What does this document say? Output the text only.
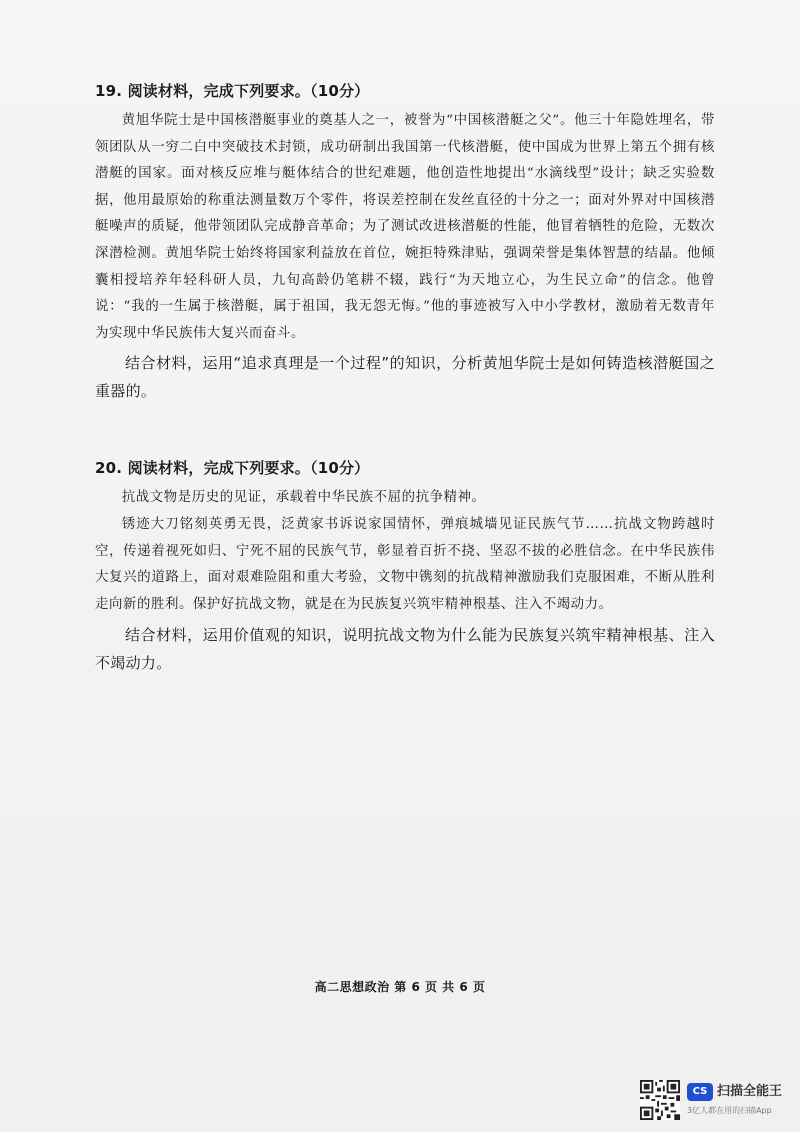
19. 阅读材料，完成下列要求。（10分）

黄旭华院士是中国核潜艇事业的奠基人之一，被誉为“中国核潜艇之父”。他三十年隐姓埋名，带领团队从一穷二白中突破技术封锁，成功研制出我国第一代核潜艇，使中国成为世界上第五个拥有核潜艇的国家。面对核反应堆与艇体结合的世纪难题，他创造性地提出“水滴线型”设计；缺乏实验数据，他用最原始的称重法测量数万个零件，将误差控制在发丝直径的十分之一；面对外界对中国核潜艇噪声的质疑，他带领团队完成静音革命；为了测试改进核潜艇的性能，他冒着牺牲的危险，无数次深潜检测。黄旭华院士始终将国家利益放在首位，婉拒特殊津贴，强调荣誉是集体智慧的结晶。他倾囊相授培养年轻科研人员，九旬高龄仍笔耕不辍，践行“为天地立心，为生民立命”的信念。他曾说：“我的一生属于核潜艇，属于祖国，我无怨无悔。”他的事迹被写入中小学教材，激励着无数青年为实现中华民族伟大复兴而奋斗。

结合材料，运用“追求真理是一个过程”的知识，分析黄旭华院士是如何铸造核潜艇国之重器的。

20. 阅读材料，完成下列要求。（10分）

抗战文物是历史的见证，承载着中华民族不屈的抗争精神。

锈迹大刀铭刻英勇无畏，泛黄家书诉说家国情怀，弹痕城墙见证民族气节……抗战文物跨越时空，传递着视死如归、宁死不屈的民族气节，彰显着百折不挠、坚忍不拔的必胜信念。在中华民族伟大复兴的道路上，面对艰难险阻和重大考验，文物中镌刻的抗战精神激励我们克服困难，不断从胜利走向新的胜利。保护好抗战文物，就是在为民族复兴筑牢精神根基、注入不竭动力。

结合材料，运用价值观的知识，说明抗战文物为什么能为民族复兴筑牢精神根基、注入不竭动力。

高二思想政治 第 6 页 共 6 页
CS 扫描全能王
3亿人都在用的扫描App
